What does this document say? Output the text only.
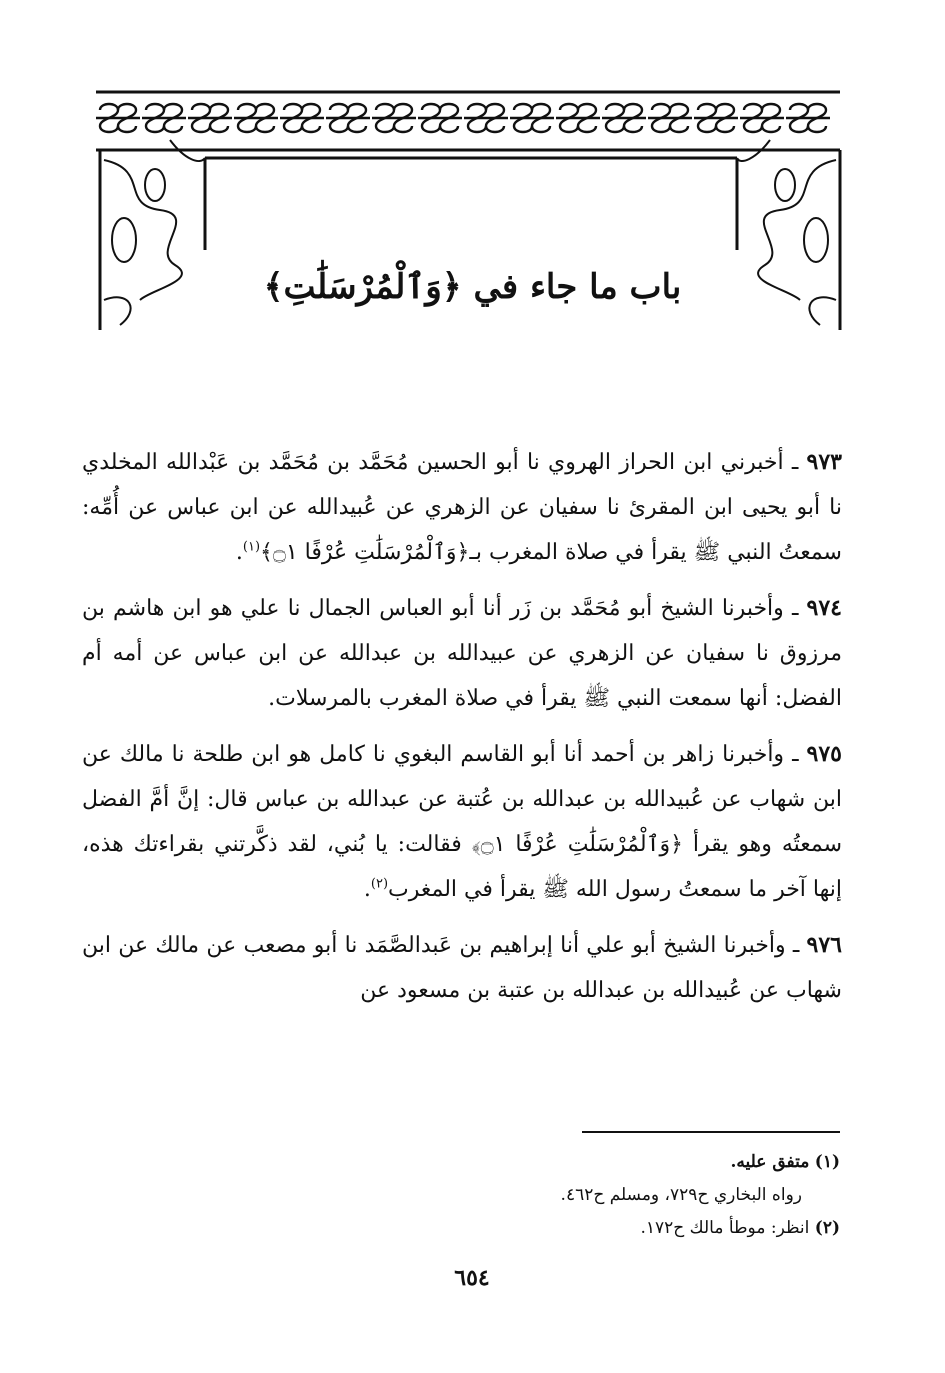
باب ما جاء في ﴿وَٱلْمُرْسَلَٰتِ﴾

٩٧٣ ـ أخبرني ابن الحراز الهروي نا أبو الحسين مُحَمَّد بن مُحَمَّد بن عَبْدالله المخلدي نا أبو يحيى ابن المقرئ نا سفيان عن الزهري عن عُبيدالله عن ابن عباس عن أُمِّه: سمعتُ النبي ﷺ يقرأ في صلاة المغرب بـ﴿وَٱلْمُرْسَلَٰتِ عُرْفًا ۝١﴾$^{(١)}$.

٩٧٤ ـ وأخبرنا الشيخ أبو مُحَمَّد بن زَر أنا أبو العباس الجمال نا علي هو ابن هاشم بن مرزوق نا سفيان عن الزهري عن عبيدالله بن عبدالله عن ابن عباس عن أمه أم الفضل: أنها سمعت النبي ﷺ يقرأ في صلاة المغرب بالمرسلات.

٩٧٥ ـ وأخبرنا زاهر بن أحمد أنا أبو القاسم البغوي نا كامل هو ابن طلحة نا مالك عن ابن شهاب عن عُبيدالله بن عبدالله بن عُتبة عن عبدالله بن عباس قال: إنَّ أمَّ الفضل سمعتُه وهو يقرأ ﴿وَٱلْمُرْسَلَٰتِ عُرْفًا ۝١﴾ فقالت: يا بُني، لقد ذكَّرتني بقراءتك هذه، إنها آخر ما سمعتُ رسول الله ﷺ يقرأ في المغرب$^{(٢)}$.

٩٧٦ ـ وأخبرنا الشيخ أبو علي أنا إبراهيم بن عَبدالصَّمَد نا أبو مصعب عن مالك عن ابن شهاب عن عُبيدالله بن عبدالله بن عتبة بن مسعود عن

(١) متفق عليه.

رواه البخاري ح٧٢٩، ومسلم ح٤٦٢.

(٢) انظر: موطأ مالك ح١٧٢.

٦٥٤
